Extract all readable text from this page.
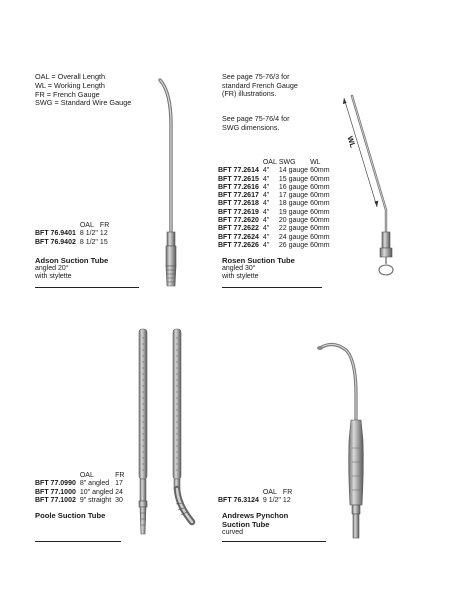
OAL = Overall Length
WL = Working Length
FR = French Gauge
SWG = Standard Wire Gauge
See page 75-76/3 for
standard French Gauge
(FR) illustrations.
See page 75-76/4 for
SWG dimensions.
WL
	OAL	FR
BFT 76.9401	8 1/2"	12
BFT 76.9402	8 1/2"	15
Adson Suction Tube
angled 20°
with stylette
	OAL	SWG	WL
BFT 77.2614	4"	14 gauge	60mm
BFT 77.2615	4"	15 gauge	60mm
BFT 77.2616	4"	16 gauge	60mm
BFT 77.2617	4"	17 gauge	60mm
BFT 77.2618	4"	18 gauge	60mm
BFT 77.2619	4"	19 gauge	60mm
BFT 77.2620	4"	20 gauge	60mm
BFT 77.2622	4"	22 gauge	60mm
BFT 77.2624	4"	24 gauge	60mm
BFT 77.2626	4"	26 gauge	60mm
Rosen Suction Tube
angled 30°
with stylette
	OAL	FR
BFT 77.0990	8" angled	17
BFT 77.1000	10" angled	24
BFT 77.1002	9" straight	30
Poole Suction Tube
	OAL	FR
BFT 76.3124	9 1/2"	12
Andrews Pynchon
Suction Tube
curved
